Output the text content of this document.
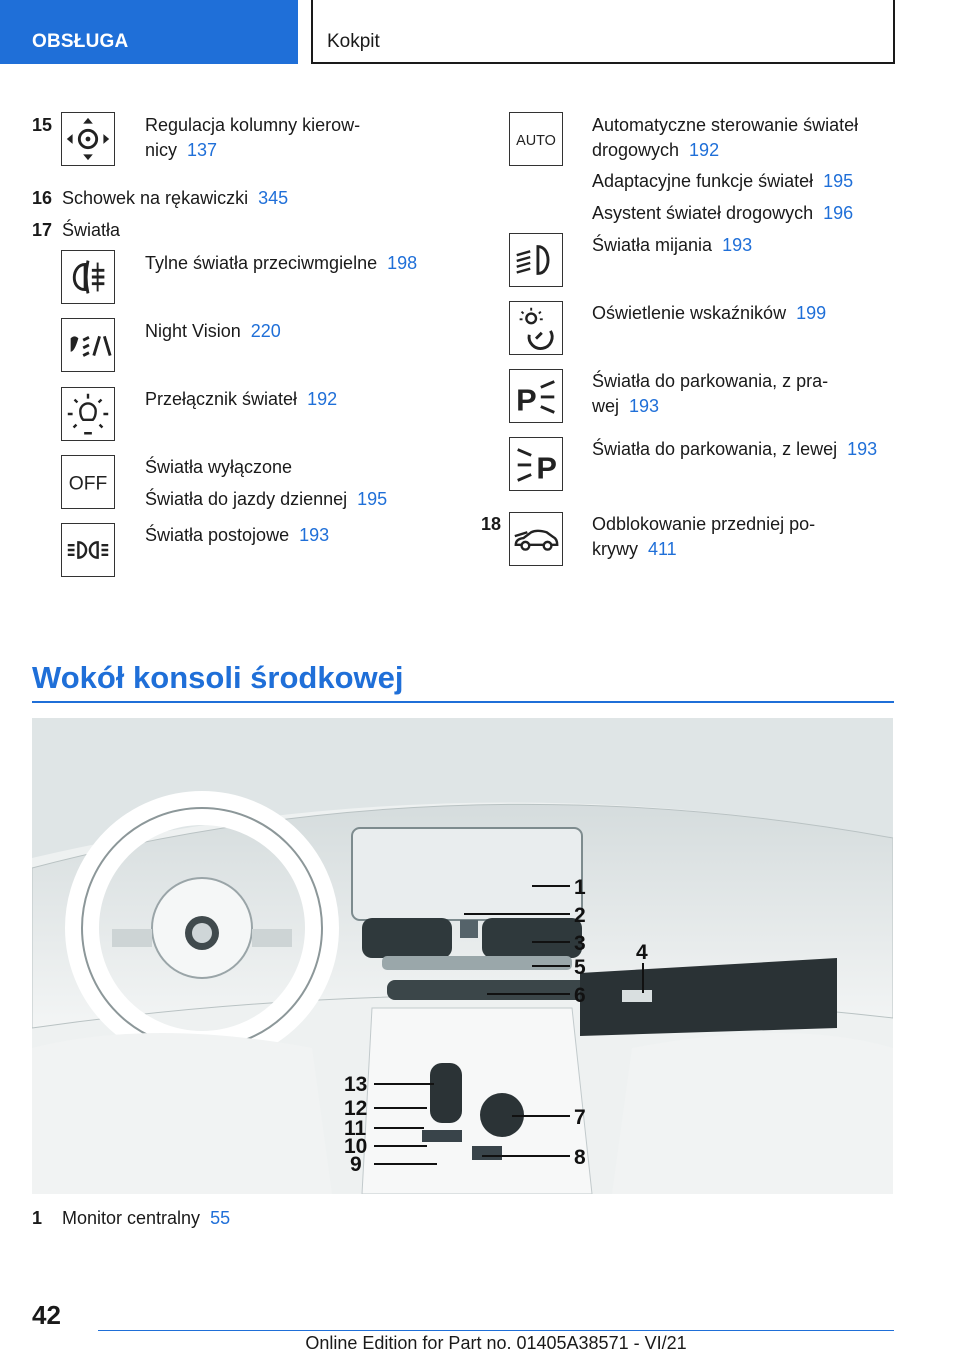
OBSŁUGA	Kokpit
15	Regulacja kolumny kierow-
nicy 137
16 Schowek na rękawiczki 345
17 Światła
Tylne światła przeciwmgielne 198
Night Vision 220
Przełącznik świateł 192
OFF
Światła wyłączone
Światła do jazdy dziennej 195
Światła postojowe 193
AUTO
Automatyczne sterowanie świateł
drogowych 192
Adaptacyjne funkcje świateł 195
Asystent świateł drogowych 196
Światła mijania 193
Oświetlenie wskaźników 199
P
Światła do parkowania, z pra-
wej 193
P
Światła do parkowania, z lewej 193
18	Odblokowanie przedniej po-
krywy 411
Wokół konsoli środkowej
1
2
3
5
6
4
13
12
11
10
9
7
8
1 Monitor centralny 55
42
Online Edition for Part no. 01405A38571 - VI/21
